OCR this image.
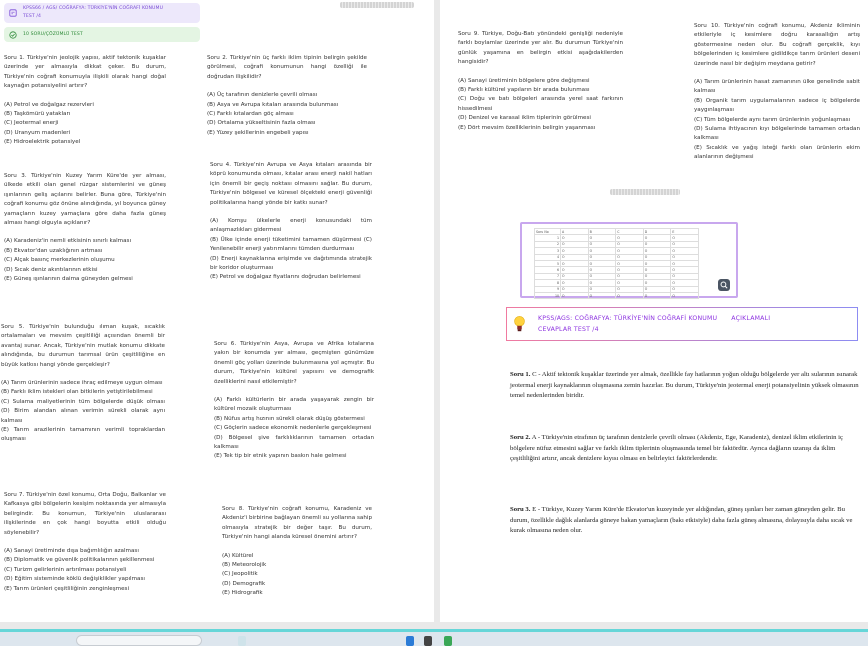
KPSS66 / AGS/ COĞRAFYA: TÜRKİYE'NİN COĞRAFİ KONUMU TEST /4
10 SORU/ÇÖZÜMLÜ TEST
Soru 1. Türkiye'nin jeolojik yapısı, aktif tektonik kuşaklar üzerinde yer almasıyla dikkat çeker. Bu durum, Türkiye'nin coğrafi konumuyla ilişkili olarak hangi doğal kaynağın potansiyelini artırır?
(A) Petrol ve doğalgaz rezervleri
(B) Taşkömürü yatakları
(C) Jeotermal enerji
(D) Uranyum madenleri
(E) Hidroelektrik potansiyel
Soru 2. Türkiye'nin üç farklı iklim tipinin belirgin şekilde görülmesi, coğrafi konumunun hangi özelliği ile doğrudan ilişkilidir?
(A) Üç tarafının denizlerle çevrili olması
(B) Asya ve Avrupa kıtaları arasında bulunması
(C) Farklı kıtalardan göç alması
(D) Ortalama yükseltisinin fazla olması
(E) Yüzey şekillerinin engebeli yapısı
Soru 3. Türkiye'nin Kuzey Yarım Küre'de yer alması, ülkede etkili olan genel rüzgar sistemlerini ve güneş ışınlarının geliş açılarını belirler. Buna göre, Türkiye'nin coğrafi konumu göz önüne alındığında, yıl boyunca güney yamaçların kuzey yamaçlara göre daha fazla güneş alması hangi olguyla açıklanır?
(A) Karadeniz'in nemli etkisinin sınırlı kalması
(B) Ekvator'dan uzaklığının artması
(C) Alçak basınç merkezlerinin oluşumu
(D) Sıcak deniz akıntılarının etkisi
(E) Güneş ışınlarının daima güneyden gelmesi
Soru 4. Türkiye'nin Avrupa ve Asya kıtaları arasında bir köprü konumunda olması, kıtalar arası enerji nakil hatları için önemli bir geçiş noktası olmasını sağlar. Bu durum, Türkiye'nin bölgesel ve küresel ölçekteki enerji güvenliği politikalarına hangi yönde bir katkı sunar?
(A) Komşu ülkelerle enerji konusundaki tüm anlaşmazlıkları gidermesi
(B) Ülke içinde enerji tüketimini tamamen düşürmesi (C) Yenilenebilir enerji yatırımlarını tümden durdurması
(D) Enerji kaynaklarına erişimde ve dağıtımında stratejik bir koridor oluşturması
(E) Petrol ve doğalgaz fiyatlarını doğrudan belirlemesi
Soru 5. Türkiye'nin bulunduğu ılıman kuşak, sıcaklık ortalamaları ve mevsim çeşitliliği açısından önemli bir avantaj sunar. Ancak, Türkiye'nin mutlak konumu dikkate alındığında, bu durumun tarımsal ürün çeşitliliğine en büyük katkısı hangi yönde gerçekleşir?
(A) Tarım ürünlerinin sadece ihraç edilmeye uygun olması
(B) Farklı iklim istekleri olan bitkilerin yetiştirilebilmesi
(C) Sulama maliyetlerinin tüm bölgelerde düşük olması (D) Birim alandan alınan verimin sürekli olarak aynı kalması
(E) Tarım arazilerinin tamamının verimli topraklardan oluşması
Soru 6. Türkiye'nin Asya, Avrupa ve Afrika kıtalarına yakın bir konumda yer alması, geçmişten günümüze önemli göç yolları üzerinde bulunmasına yol açmıştır. Bu durum, Türkiye'nin kültürel yapısını ve demografik özelliklerini nasıl etkilemiştir?
(A) Farklı kültürlerin bir arada yaşayarak zengin bir kültürel mozaik oluşturması
(B) Nüfus artış hızının sürekli olarak düşüş göstermesi
(C) Göçlerin sadece ekonomik nedenlerle gerçekleşmesi
(D) Bölgesel şive farklılıklarının tamamen ortadan kalkması
(E) Tek tip bir etnik yapının baskın hale gelmesi
Soru 7. Türkiye'nin özel konumu, Orta Doğu, Balkanlar ve Kafkasya gibi bölgelerin kesişim noktasında yer almasıyla belirgindir. Bu konumun, Türkiye'nin uluslararası ilişkilerinde en çok hangi boyutta etkili olduğu söylenebilir?
(A) Sanayi üretiminde dışa bağımlılığın azalması
(B) Diplomatik ve güvenlik politikalarının şekillenmesi
(C) Turizm gelirlerinin artırılması potansiyeli
(D) Eğitim sisteminde köklü değişiklikler yapılması
(E) Tarım ürünleri çeşitliliğinin zenginleşmesi
Soru 8. Türkiye'nin coğrafi konumu, Karadeniz ve Akdeniz'i birbirine bağlayan önemli su yollarına sahip olmasıyla stratejik bir değer taşır. Bu durum, Türkiye'nin hangi alanda küresel önemini artırır?
(A) Kültürel
(B) Meteorolojik
(C) Jeopolitik
(D) Demografik
(E) Hidrografik
Soru 9. Türkiye, Doğu-Batı yönündeki genişliği nedeniyle farklı boylamlar üzerinde yer alır. Bu durumun Türkiye'nin günlük yaşamına en belirgin etkisi aşağıdakilerden hangisidir?
(A) Sanayi üretiminin bölgelere göre değişmesi
(B) Farklı kültürel yapıların bir arada bulunması
(C) Doğu ve batı bölgeleri arasında yerel saat farkının hissedilmesi
(D) Denizel ve karasal iklim tiplerinin görülmesi
(E) Dört mevsim özelliklerinin belirgin yaşanması
Soru 10. Türkiye'nin coğrafi konumu, Akdeniz ikliminin etkileriyle iç kesimlere doğru karasallığın artış göstermesine neden olur. Bu coğrafi gerçeklik, kıyı bölgelerinden iç kesimlere gidildikçe tarım ürünleri deseni üzerinde nasıl bir değişim meydana getirir?
(A) Tarım ürünlerinin hasat zamanının ülke genelinde sabit kalması
(B) Organik tarım uygulamalarının sadece iç bölgelerde yaygınlaşması
(C) Tüm bölgelerde aynı tarım ürünlerinin yoğunlaşması
(D) Sulama ihtiyacının kıyı bölgelerinde tamamen ortadan kalkması
(E) Sıcaklık ve yağış isteği farklı olan ürünlerin ekim alanlarının değişmesi
Soru No	A	B	C	D	E
1	O	O	O	O	O
2	O	O	O	O	O
3	O	O	O	O	O
4	O	O	O	O	O
5	O	O	O	O	O
6	O	O	O	O	O
7	O	O	O	O	O
8	O	O	O	O	O
9	O	O	O	O	O
10	O	O	O	O	O
KPSS/AGS: COĞRAFYA: TÜRKİYE'NİN COĞRAFİ KONUMU AÇIKLAMALI
CEVAPLAR TEST /4
Soru 1. C - Aktif tektonik kuşaklar üzerinde yer almak, özellikle fay hatlarının yoğun olduğu bölgelerde yer altı sularının ısınarak jeotermal enerji kaynaklarının oluşmasına zemin hazırlar. Bu durum, Türkiye'nin jeotermal enerji potansiyelinin yüksek olmasının temel nedenlerinden biridir.
Soru 2. A - Türkiye'nin etrafının üç tarafının denizlerle çevrili olması (Akdeniz, Ege, Karadeniz), denizel iklim etkilerinin iç bölgelere nüfuz etmesini sağlar ve farklı iklim tiplerinin oluşmasında temel bir faktördür. Ayrıca dağların uzanışı da iklim çeşitliliğini artırır, ancak denizlere kıyısı olması en belirleyici faktörlerdendir.
Soru 3. E - Türkiye, Kuzey Yarım Küre'de Ekvator'un kuzeyinde yer aldığından, güneş ışınları her zaman güneyden gelir. Bu durum, özellikle dağlık alanlarda güneye bakan yamaçların (bakı etkisiyle) daha fazla güneş almasına, dolayısıyla daha sıcak ve kurak olmasına neden olur.
